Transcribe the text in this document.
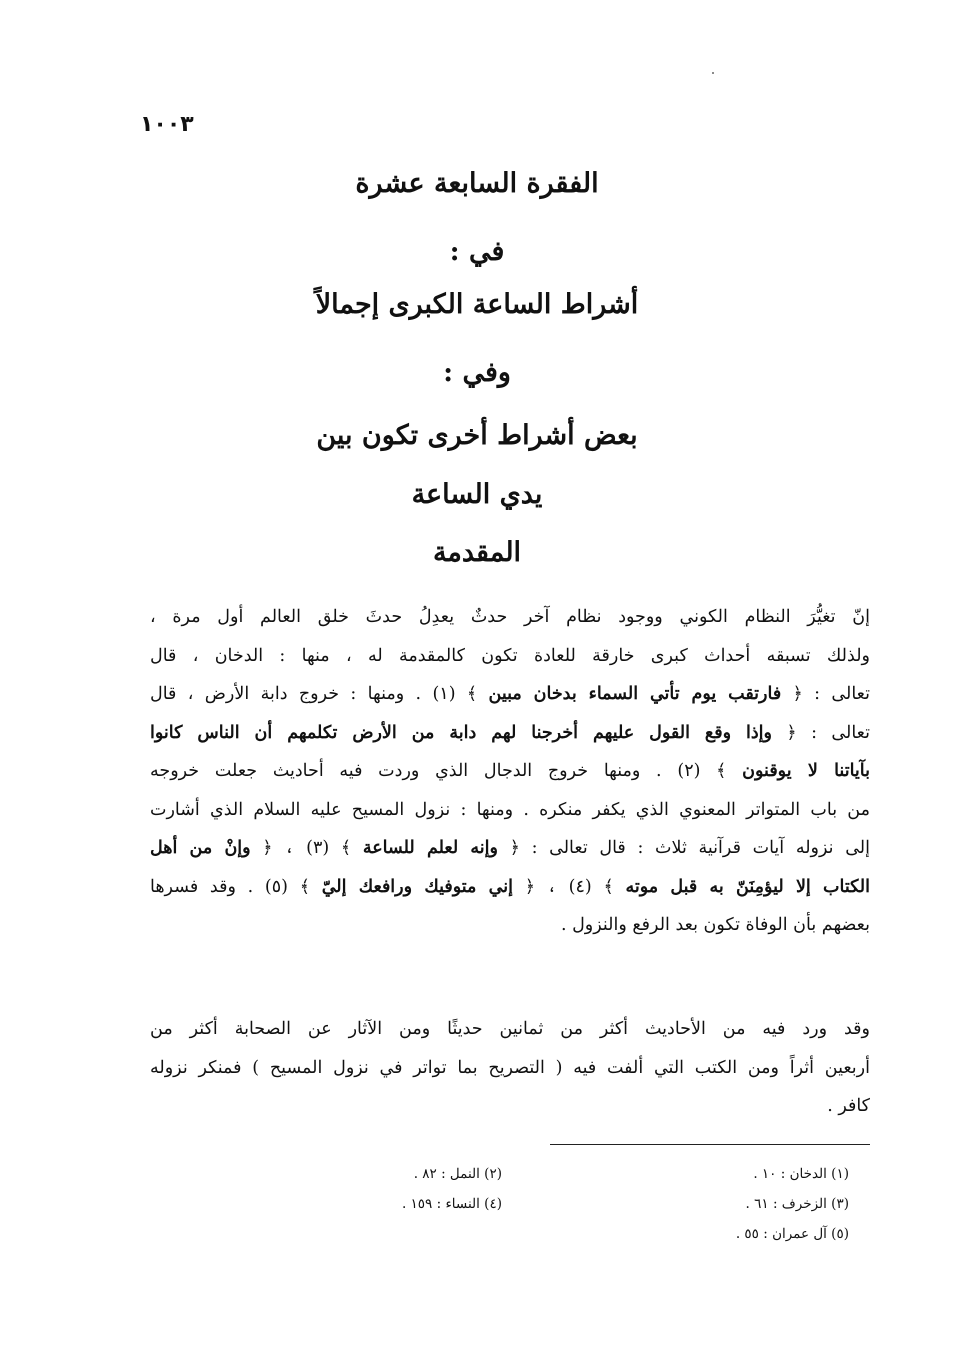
١٠٠٣
الفقرة السابعة عشرة
في :
أشراط الساعة الكبرى إجمالاً
وفي :
بعض أشراط أخرى تكون بين
يدي الساعة
المقدمة
إنّ تغيُّرَ النظام الكوني ووجود نظام آخر حدثٌ يعدِلُ حدثَ خلق العالم أول مرة ،
ولذلك تسبقه أحداث كبرى خارقة للعادة تكون كالمقدمة له ، منها : الدخان ، قال
تعالى : ﴿ فارتقب يوم تأتي السماء بدخان مبين ﴾ (١) . ومنها : خروج دابة الأرض ، قال
تعالى : ﴿ وإذا وقع القول عليهم أخرجنا لهم دابة من الأرض تكلمهم أن الناس كانوا
بآياتنا لا يوقنون ﴾ (٢) . ومنها خروج الدجال الذي وردت فيه أحاديث جعلت خروجه
من باب المتواتر المعنوي الذي يكفر منكره . ومنها : نزول المسيح عليه السلام الذي أشارت
إلى نزوله آيات قرآنية ثلاث : قال تعالى : ﴿ وإنه لعلم للساعة ﴾ (٣) ، ﴿ وإنْ من أهل
الكتاب إلا ليؤمِنَنّ به قبل موته ﴾ (٤) ، ﴿ إني متوفيك ورافعك إليّ ﴾ (٥) . وقد فسرها
بعضهم بأن الوفاة تكون بعد الرفع والنزول .
وقد ورد فيه من الأحاديث أكثر من ثمانين حديثًا ومن الآثار عن الصحابة أكثر من
أربعين أثراً ومن الكتب التي ألفت فيه ( التصريح بما تواتر في نزول المسيح ) فمنكر نزوله
كافر .
(١) الدخان : ١٠ .
(٢) النمل : ٨٢ .
(٣) الزخرف : ٦١ .
(٤) النساء : ١٥٩ .
(٥) آل عمران : ٥٥ .
